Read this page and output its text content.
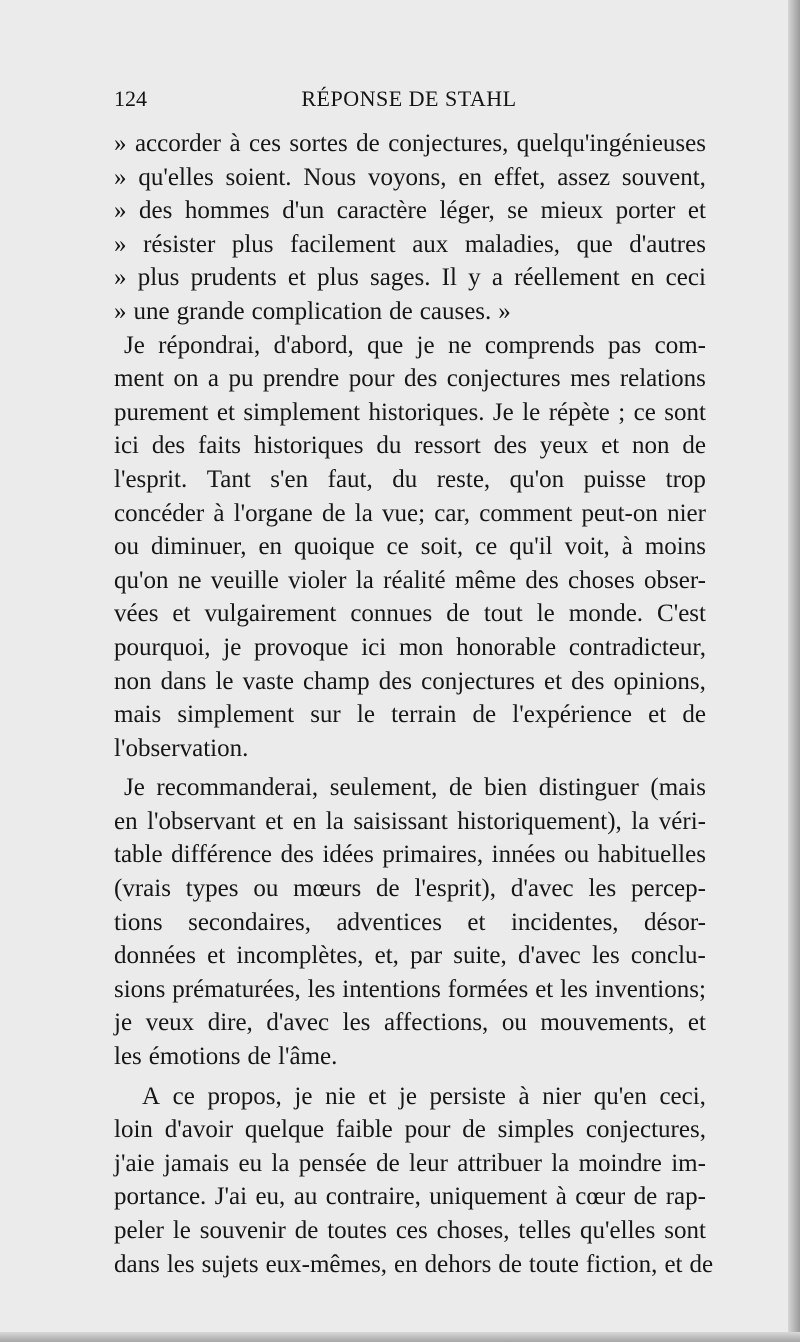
124	RÉPONSE DE STAHL
» accorder à ces sortes de conjectures, quelqu'ingénieuses
» qu'elles soient. Nous voyons, en effet, assez souvent,
» des hommes d'un caractère léger, se mieux porter et
» résister plus facilement aux maladies, que d'autres
» plus prudents et plus sages. Il y a réellement en ceci
» une grande complication de causes. »
Je répondrai, d'abord, que je ne comprends pas com-
ment on a pu prendre pour des conjectures mes relations
purement et simplement historiques. Je le répète ; ce sont
ici des faits historiques du ressort des yeux et non de
l'esprit. Tant s'en faut, du reste, qu'on puisse trop
concéder à l'organe de la vue; car, comment peut-on nier
ou diminuer, en quoique ce soit, ce qu'il voit, à moins
qu'on ne veuille violer la réalité même des choses obser-
vées et vulgairement connues de tout le monde. C'est
pourquoi, je provoque ici mon honorable contradicteur,
non dans le vaste champ des conjectures et des opinions,
mais simplement sur le terrain de l'expérience et de
l'observation.
Je recommanderai, seulement, de bien distinguer (mais
en l'observant et en la saisissant historiquement), la véri-
table différence des idées primaires, innées ou habituelles
(vrais types ou mœurs de l'esprit), d'avec les percep-
tions secondaires, adventices et incidentes, désor-
données et incomplètes, et, par suite, d'avec les conclu-
sions prématurées, les intentions formées et les inventions;
je veux dire, d'avec les affections, ou mouvements, et
les émotions de l'âme.
A ce propos, je nie et je persiste à nier qu'en ceci,
loin d'avoir quelque faible pour de simples conjectures,
j'aie jamais eu la pensée de leur attribuer la moindre im-
portance. J'ai eu, au contraire, uniquement à cœur de rap-
peler le souvenir de toutes ces choses, telles qu'elles sont
dans les sujets eux-mêmes, en dehors de toute fiction, et de
